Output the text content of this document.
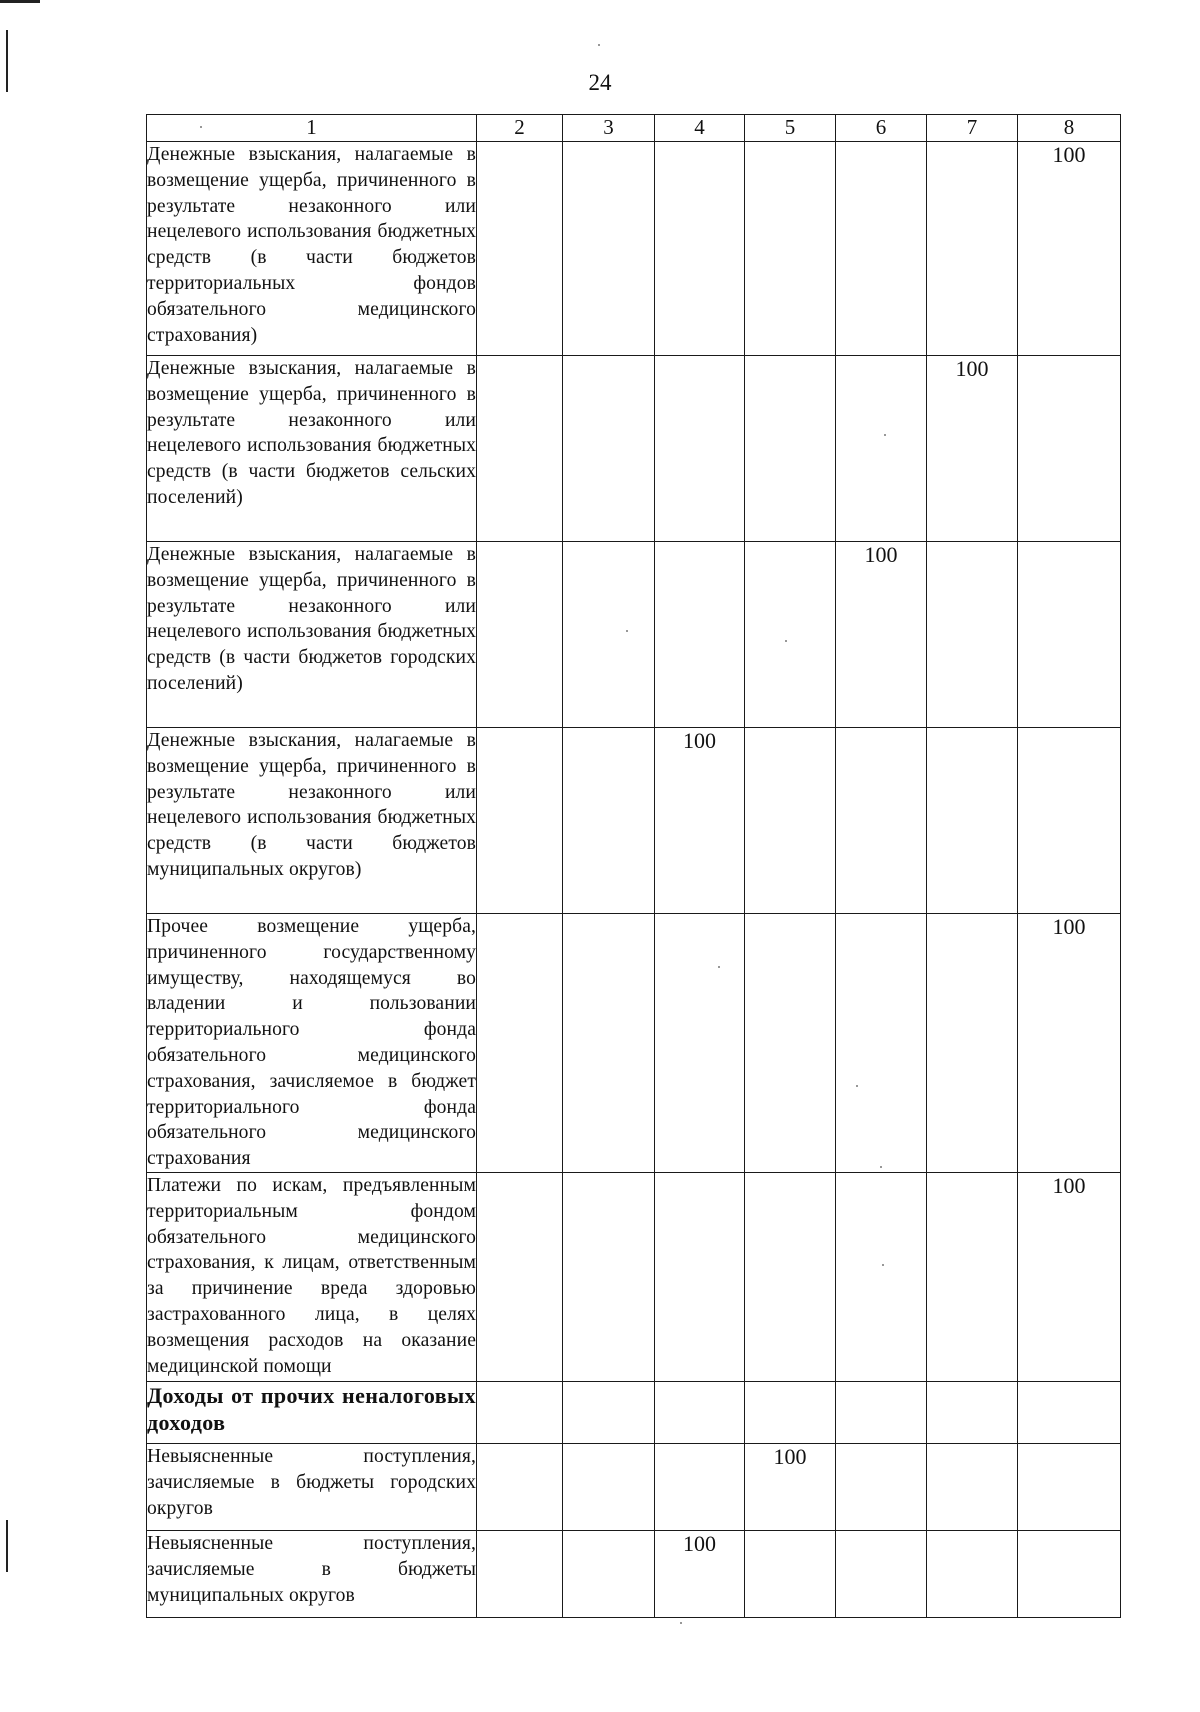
24
1	2	3	4	5	6	7	8
Денежные взыскания, налагаемые в возмещение ущерба, причиненного в результате незаконного или нецелевого использования бюджетных средств (в части бюджетов территориальных фондов обязательного медицинского страхования)							100
Денежные взыскания, налагаемые в возмещение ущерба, причиненного в результате незаконного или нецелевого использования бюджетных средств (в части бюджетов сельских поселений)						100	
Денежные взыскания, налагаемые в возмещение ущерба, причиненного в результате незаконного или нецелевого использования бюджетных средств (в части бюджетов городских поселений)					100		
Денежные взыскания, налагаемые в возмещение ущерба, причиненного в результате незаконного или нецелевого использования бюджетных средств (в части бюджетов муниципальных округов)			100				
Прочее возмещение ущерба, причиненного государственному имуществу, находящемуся во владении и пользовании территориального фонда обязательного медицинского страхования, зачисляемое в бюджет территориального фонда обязательного медицинского страхования							100
Платежи по искам, предъявленным территориальным фондом обязательного медицинского страхования, к лицам, ответственным за причинение вреда здоровью застрахованного лица, в целях возмещения расходов на оказание медицинской помощи							100
Доходы от прочих неналоговых доходов							
Невыясненные поступления, зачисляемые в бюджеты городских округов				100			
Невыясненные поступления, зачисляемые в бюджеты муниципальных округов			100				
